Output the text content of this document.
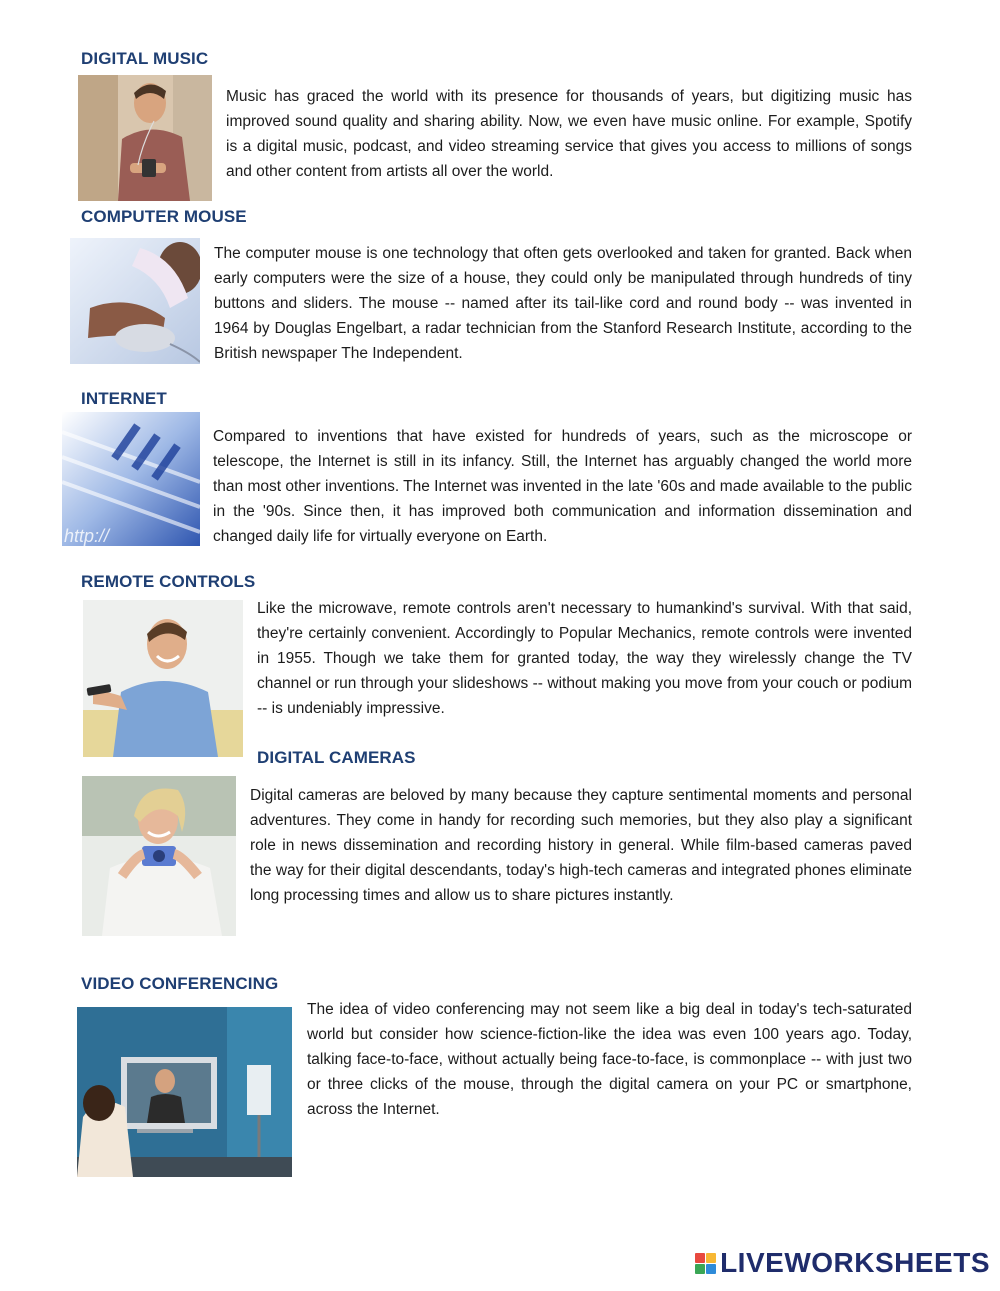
DIGITAL MUSIC

Music has graced the world with its presence for thousands of years, but digitizing music has improved sound quality and sharing ability. Now, we even have music online. For example, Spotify is a digital music, podcast, and video streaming service that gives you access to millions of songs and other content from artists all over the world.

COMPUTER MOUSE

The computer mouse is one technology that often gets overlooked and taken for granted. Back when early computers were the size of a house, they could only be manipulated through hundreds of tiny buttons and sliders. The mouse -- named after its tail-like cord and round body -- was invented in 1964 by Douglas Engelbart, a radar technician from the Stanford Research Institute, according to the British newspaper The Independent.

INTERNET
http://

Compared to inventions that have existed for hundreds of years, such as the microscope or telescope, the Internet is still in its infancy. Still, the Internet has arguably changed the world more than most other inventions. The Internet was invented in the late '60s and made available to the public in the '90s. Since then, it has improved both communication and information dissemination and changed daily life for virtually everyone on Earth.

REMOTE CONTROLS

Like the microwave, remote controls aren't necessary to humankind's survival. With that said, they're certainly convenient. Accordingly to Popular Mechanics, remote controls were invented in 1955. Though we take them for granted today, the way they wirelessly change the TV channel or run through your slideshows -- without making you move from your couch or podium -- is undeniably impressive.

DIGITAL CAMERAS

Digital cameras are beloved by many because they capture sentimental moments and personal adventures. They come in handy for recording such memories, but they also play a significant role in news dissemination and recording history in general. While film-based cameras paved the way for their digital descendants, today's high-tech cameras and integrated phones eliminate long processing times and allow us to share pictures instantly.

VIDEO CONFERENCING

The idea of video conferencing may not seem like a big deal in today's tech-saturated world but consider how science-fiction-like the idea was even 100 years ago. Today, talking face-to-face, without actually being face-to-face, is commonplace -- with just two or three clicks of the mouse, through the digital camera on your PC or smartphone, across the Internet.

LIVEWORKSHEETS
